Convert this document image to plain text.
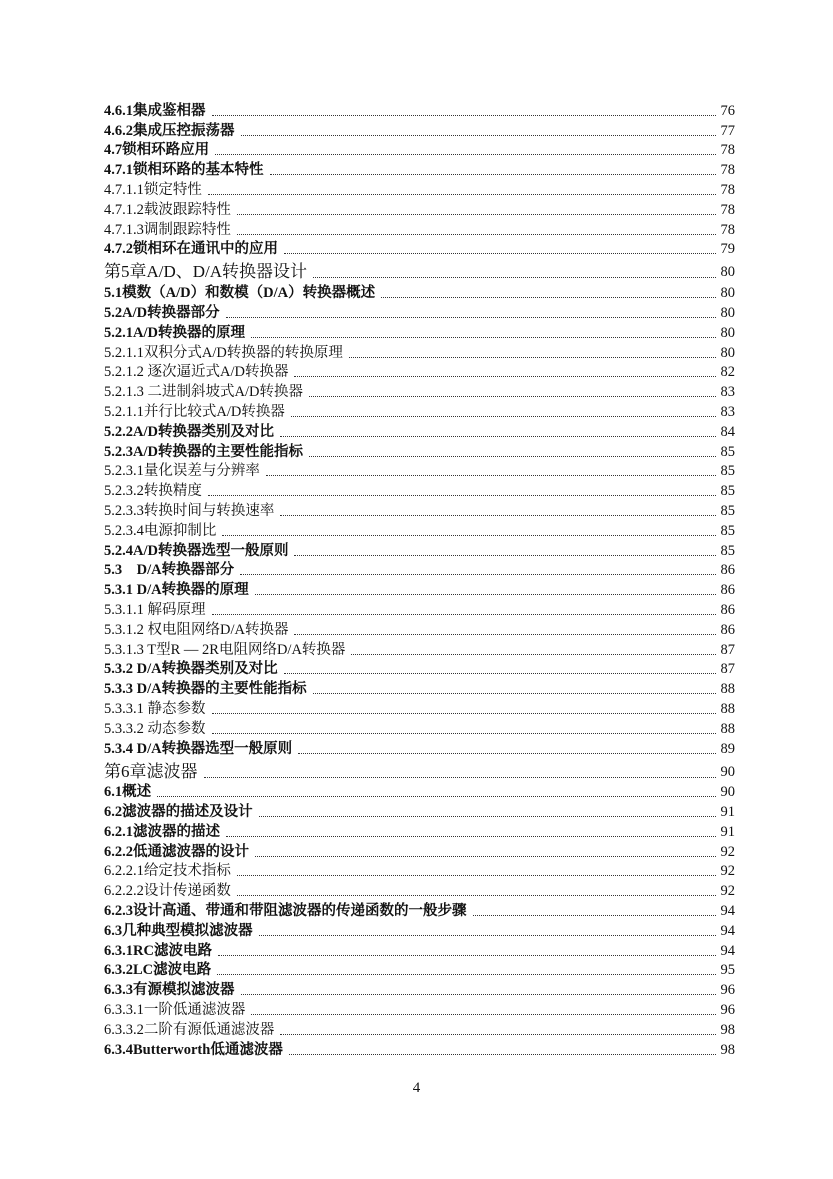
4.6.1集成鉴相器	76
4.6.2集成压控振荡器	77
4.7锁相环路应用	78
4.7.1锁相环路的基本特性	78
4.7.1.1锁定特性	78
4.7.1.2载波跟踪特性	78
4.7.1.3调制跟踪特性	78
4.7.2锁相环在通讯中的应用	79
第5章A/D、D/A转换器设计	80
5.1模数（A/D）和数模（D/A）转换器概述	80
5.2A/D转换器部分	80
5.2.1A/D转换器的原理	80
5.2.1.1双积分式A/D转换器的转换原理	80
5.2.1.2 逐次逼近式A/D转换器	82
5.2.1.3 二进制斜坡式A/D转换器	83
5.2.1.1并行比较式A/D转换器	83
5.2.2A/D转换器类别及对比	84
5.2.3A/D转换器的主要性能指标	85
5.2.3.1量化误差与分辨率	85
5.2.3.2转换精度	85
5.2.3.3转换时间与转换速率	85
5.2.3.4电源抑制比	85
5.2.4A/D转换器选型一般原则	85
5.3　D/A转换器部分	86
5.3.1 D/A转换器的原理	86
5.3.1.1 解码原理	86
5.3.1.2 权电阻网络D/A转换器	86
5.3.1.3 T型R — 2R电阻网络D/A转换器	87
5.3.2 D/A转换器类别及对比	87
5.3.3 D/A转换器的主要性能指标	88
5.3.3.1 静态参数	88
5.3.3.2 动态参数	88
5.3.4 D/A转换器选型一般原则	89
第6章滤波器	90
6.1概述	90
6.2滤波器的描述及设计	91
6.2.1滤波器的描述	91
6.2.2低通滤波器的设计	92
6.2.2.1给定技术指标	92
6.2.2.2设计传递函数	92
6.2.3设计高通、带通和带阻滤波器的传递函数的一般步骤	94
6.3几种典型模拟滤波器	94
6.3.1RC滤波电路	94
6.3.2LC滤波电路	95
6.3.3有源模拟滤波器	96
6.3.3.1一阶低通滤波器	96
6.3.3.2二阶有源低通滤波器	98
6.3.4Butterworth低通滤波器	98
4
